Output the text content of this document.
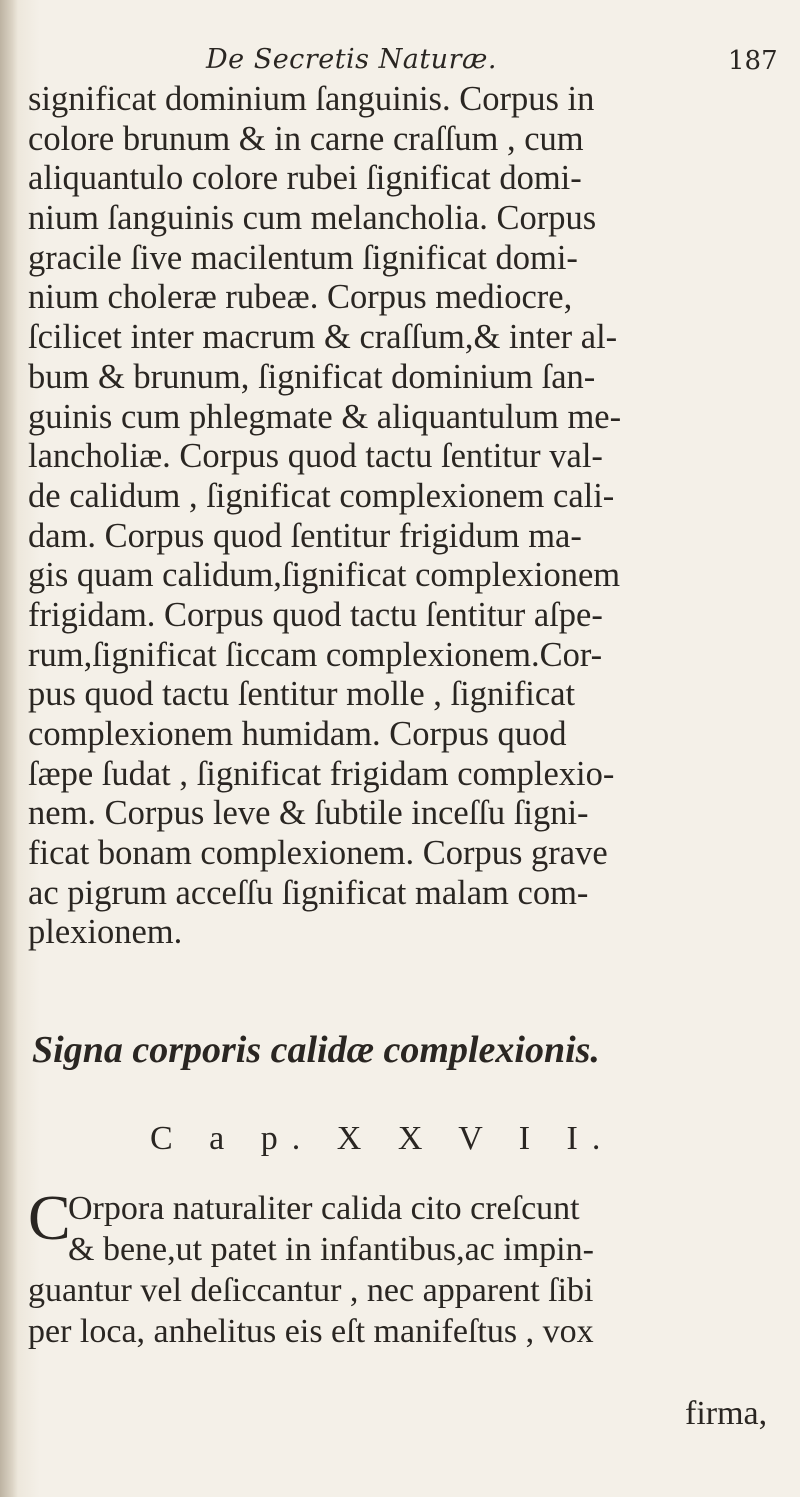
De Secretis Naturæ.	187
significat dominium ſanguinis. Corpus in
colore brunum & in carne craſſum , cum
aliquantulo colore rubei ſignificat domi-
nium ſanguinis cum melancholia. Corpus
gracile ſive macilentum ſignificat domi-
nium choleræ rubeæ. Corpus mediocre,
ſcilicet inter macrum & craſſum,& inter al-
bum & brunum, ſignificat dominium ſan-
guinis cum phlegmate & aliquantulum me-
lancholiæ. Corpus quod tactu ſentitur val-
de calidum , ſignificat complexionem cali-
dam. Corpus quod ſentitur frigidum ma-
gis quam calidum,ſignificat complexionem
frigidam. Corpus quod tactu ſentitur aſpe-
rum,ſignificat ſiccam complexionem.Cor-
pus quod tactu ſentitur molle , ſignificat
complexionem humidam. Corpus quod
ſæpe ſudat , ſignificat frigidam complexio-
nem. Corpus leve & ſubtile inceſſu ſigni-
ficat bonam complexionem. Corpus grave
ac pigrum acceſſu ſignificat malam com-
plexionem.
Signa corporis calidæ complexionis.
C a p. X X V I I.
C
Orpora naturaliter calida cito creſcunt
& bene,ut patet in infantibus,ac impin-
guantur vel deſiccantur , nec apparent ſibi
per loca, anhelitus eis eſt manifeſtus , vox
firma,
